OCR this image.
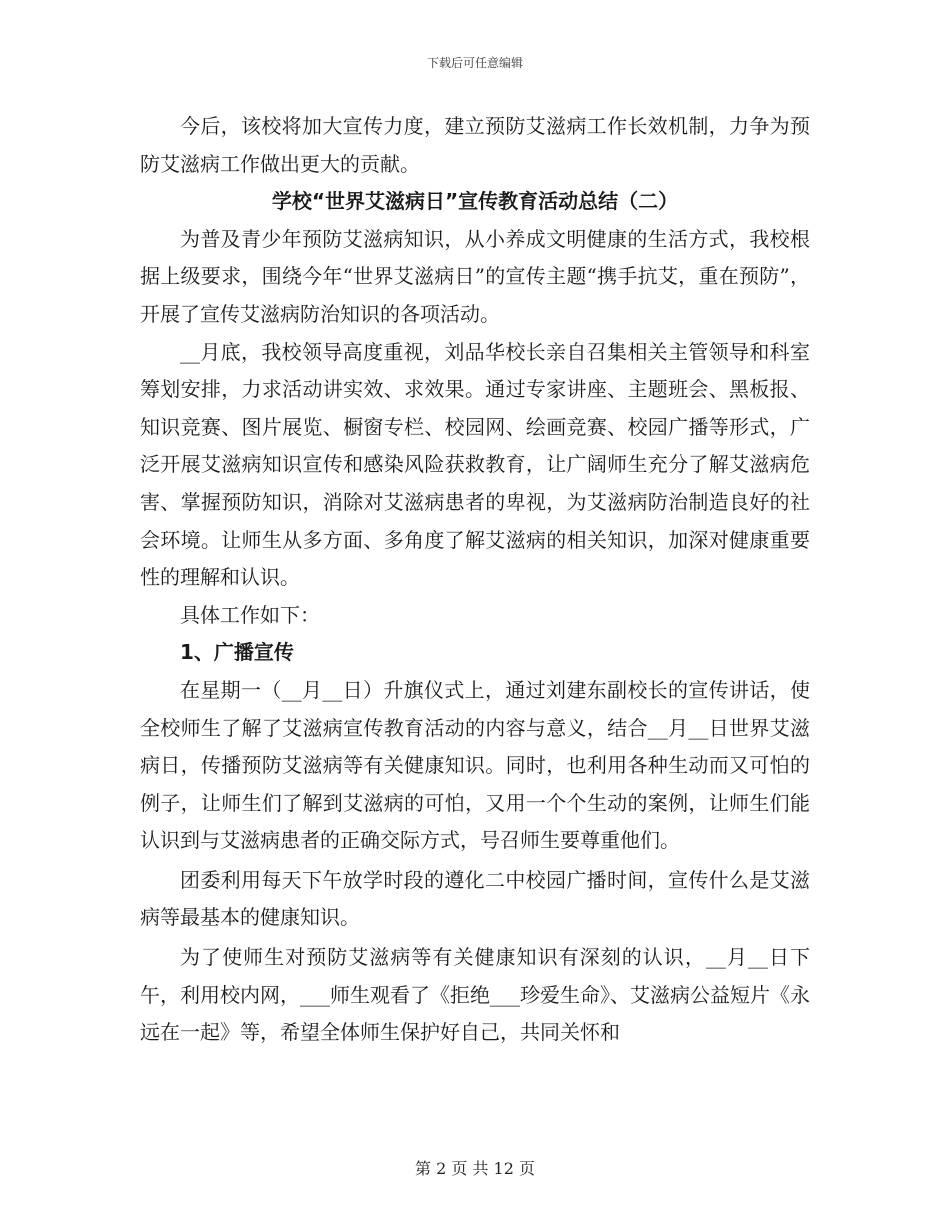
下载后可任意编辑

今后，该校将加大宣传力度，建立预防艾滋病工作长效机制，力争为预防艾滋病工作做出更大的贡献。

学校“世界艾滋病日”宣传教育活动总结（二）

为普及青少年预防艾滋病知识，从小养成文明健康的生活方式，我校根据上级要求，围绕今年“世界艾滋病日”的宣传主题“携手抗艾，重在预防”，开展了宣传艾滋病防治知识的各项活动。

__月底，我校领导高度重视，刘品华校长亲自召集相关主管领导和科室筹划安排，力求活动讲实效、求效果。通过专家讲座、主题班会、黑板报、知识竞赛、图片展览、橱窗专栏、校园网、绘画竞赛、校园广播等形式，广泛开展艾滋病知识宣传和感染风险获救教育，让广阔师生充分了解艾滋病危害、掌握预防知识，消除对艾滋病患者的卑视，为艾滋病防治制造良好的社会环境。让师生从多方面、多角度了解艾滋病的相关知识，加深对健康重要性的理解和认识。

具体工作如下：

1、广播宣传

在星期一（__月__日）升旗仪式上，通过刘建东副校长的宣传讲话，使全校师生了解了艾滋病宣传教育活动的内容与意义，结合__月__日世界艾滋病日，传播预防艾滋病等有关健康知识。同时，也利用各种生动而又可怕的例子，让师生们了解到艾滋病的可怕，又用一个个生动的案例，让师生们能认识到与艾滋病患者的正确交际方式，号召师生要尊重他们。

团委利用每天下午放学时段的遵化二中校园广播时间，宣传什么是艾滋病等最基本的健康知识。

为了使师生对预防艾滋病等有关健康知识有深刻的认识，__月__日下午，利用校内网，___师生观看了《拒绝___珍爱生命》、艾滋病公益短片《永远在一起》等，希望全体师生保护好自己，共同关怀和

第 2 页 共 12 页
